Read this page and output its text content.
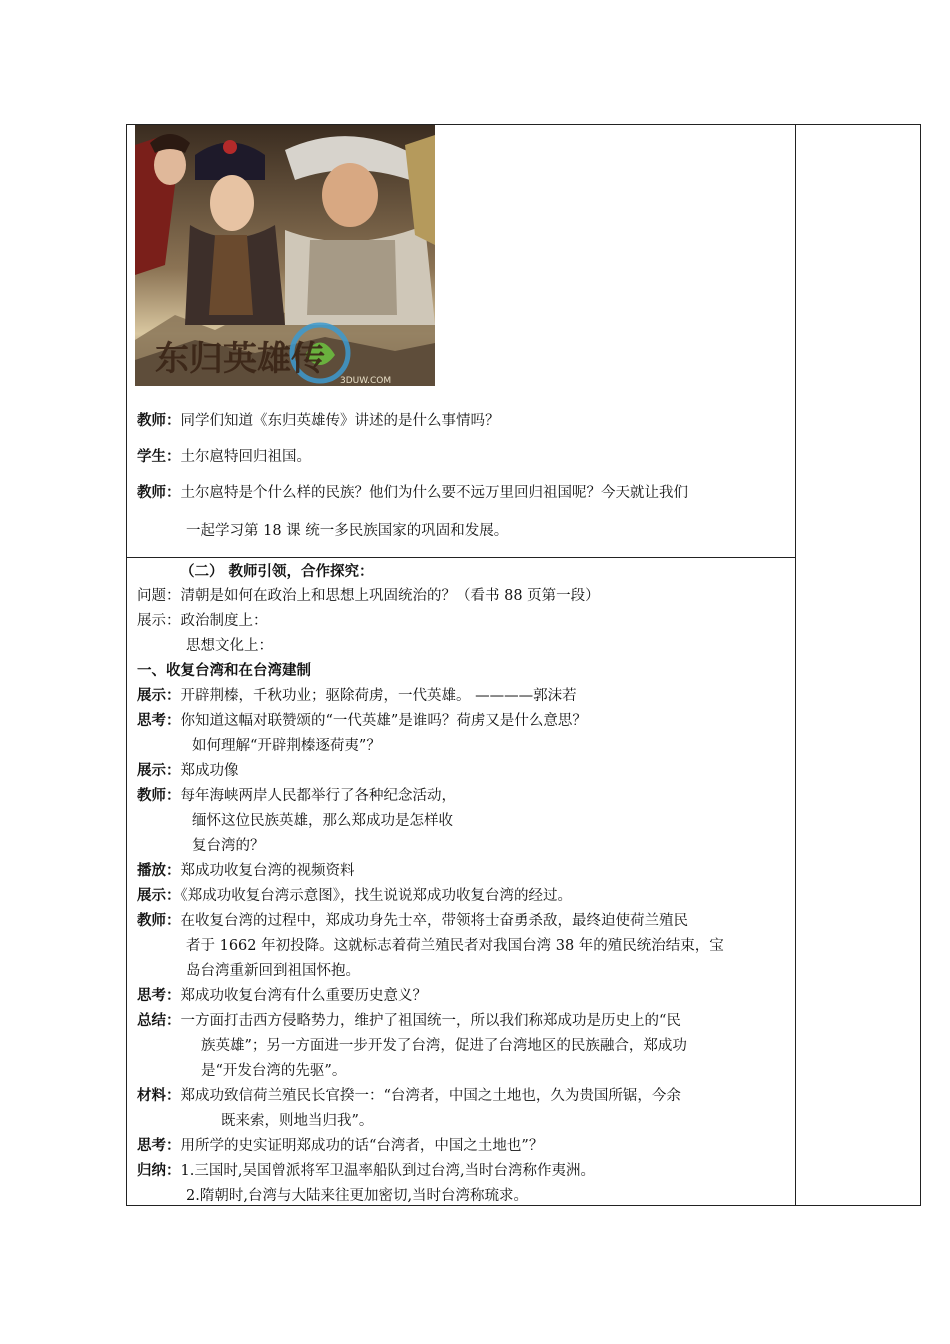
东归英雄传
3DUW.COM
教师：同学们知道《东归英雄传》讲述的是什么事情吗？
学生：土尔扈特回归祖国。
教师：土尔扈特是个什么样的民族？他们为什么要不远万里回归祖国呢？今天就让我们
一起学习第 18 课 统一多民族国家的巩固和发展。
（二） 教师引领，合作探究：
问题：清朝是如何在政治上和思想上巩固统治的？（看书 88 页第一段）
展示：政治制度上：
思想文化上：
一、收复台湾和在台湾建制
展示：开辟荆榛，千秋功业；驱除荷虏，一代英雄。 ————郭沫若
思考：你知道这幅对联赞颂的“一代英雄”是谁吗？荷虏又是什么意思？
如何理解“开辟荆榛逐荷夷”？
展示：郑成功像
教师：每年海峡两岸人民都举行了各种纪念活动，
缅怀这位民族英雄，那么郑成功是怎样收
复台湾的？
播放：郑成功收复台湾的视频资料
展示：《郑成功收复台湾示意图》，找生说说郑成功收复台湾的经过。
教师：在收复台湾的过程中，郑成功身先士卒，带领将士奋勇杀敌，最终迫使荷兰殖民
者于 1662 年初投降。这就标志着荷兰殖民者对我国台湾 38 年的殖民统治结束，宝
岛台湾重新回到祖国怀抱。
思考：郑成功收复台湾有什么重要历史意义？
总结：一方面打击西方侵略势力，维护了祖国统一，所以我们称郑成功是历史上的“民
族英雄”；另一方面进一步开发了台湾，促进了台湾地区的民族融合，郑成功
是“开发台湾的先驱”。
材料：郑成功致信荷兰殖民长官揆一：“台湾者，中国之土地也，久为贵国所锯，今余
既来索，则地当归我”。
思考：用所学的史实证明郑成功的话“台湾者，中国之土地也”？
归纳：1.三国时,吴国曾派将军卫温率船队到过台湾,当时台湾称作夷洲。
2.隋朝时,台湾与大陆来往更加密切,当时台湾称琉求。
